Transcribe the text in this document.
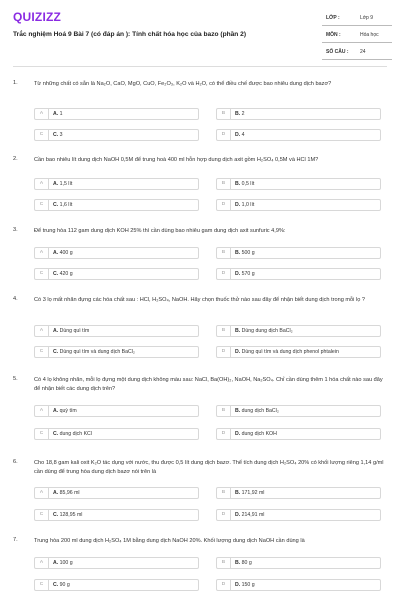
QUIZIZZ
Trắc nghiệm Hoá 9 Bài 7 (có đáp án ): Tính chất hóa học của bazo (phần 2)
LỚP :	Lớp 9
MÔN :	Hóa học
SỐ CÂU : 24
1.	Từ những chất có sẵn là Na₂O, CaO, MgO, CuO, Fe₂O₃, K₂O và H₂O, có thể điều chế được bao nhiêu dung dịch bazơ?
A	A. 1	B	B. 2
C	C. 3	D	D. 4
2.	Cần bao nhiêu lít dung dịch NaOH 0,5M để trung hoà 400 ml hỗn hợp dung dịch axit gồm H₂SO₄ 0,5M và HCl 1M?
A	A. 1,5 lít	B	B. 0,5 lít
C	C. 1,6 lít	D	D. 1,0 lít
3.	Để trung hòa 112 gam dung dịch KOH 25% thì cần dùng bao nhiêu gam dung dịch axit sunfuric 4,9%:
A	A. 400 g	B	B. 500 g
C	C. 420 g	D	D. 570 g
4.	Có 3 lọ mất nhãn đựng các hóa chất sau : HCl, H₂SO₄, NaOH. Hãy chọn thuốc thử nào sau đây để nhận biết dung dịch trong mỗi lọ ?
A	A. Dùng quì tím	B	B. Dùng dung dịch BaCl₂
C	C. Dùng quì tím và dung dịch BaCl₂	D	D. Dùng quì tím và dung dịch phenol phtalein
5.	Có 4 lọ không nhãn, mỗi lọ đựng một dung dịch không màu sau: NaCl, Ba(OH)₂, NaOH, Na₂SO₄. Chỉ cần dùng thêm 1 hóa chất nào sau đây để nhận biết các dung dịch trên?
A	A. quỳ tím	B	B. dung dịch BaCl₂
C	C. dung dịch KCl	D	D. dung dịch KOH
6.	Cho 18,8 gam kali oxit K₂O tác dụng với nước, thu được 0,5 lít dung dịch bazơ. Thể tích dung dịch H₂SO₄ 20% có khối lượng riêng 1,14 g/ml cần dùng để trung hòa dung dịch bazơ nói trên là
A	A. 85,96 ml	B	B. 171,92 ml
C	C. 128,95 ml	D	D. 214,91 ml
7.	Trung hòa 200 ml dung dịch H₂SO₄ 1M bằng dung dịch NaOH 20%. Khối lượng dung dịch NaOH cần dùng là
A	A. 100 g	B	B. 80 g
C	C. 90 g	D	D. 150 g
